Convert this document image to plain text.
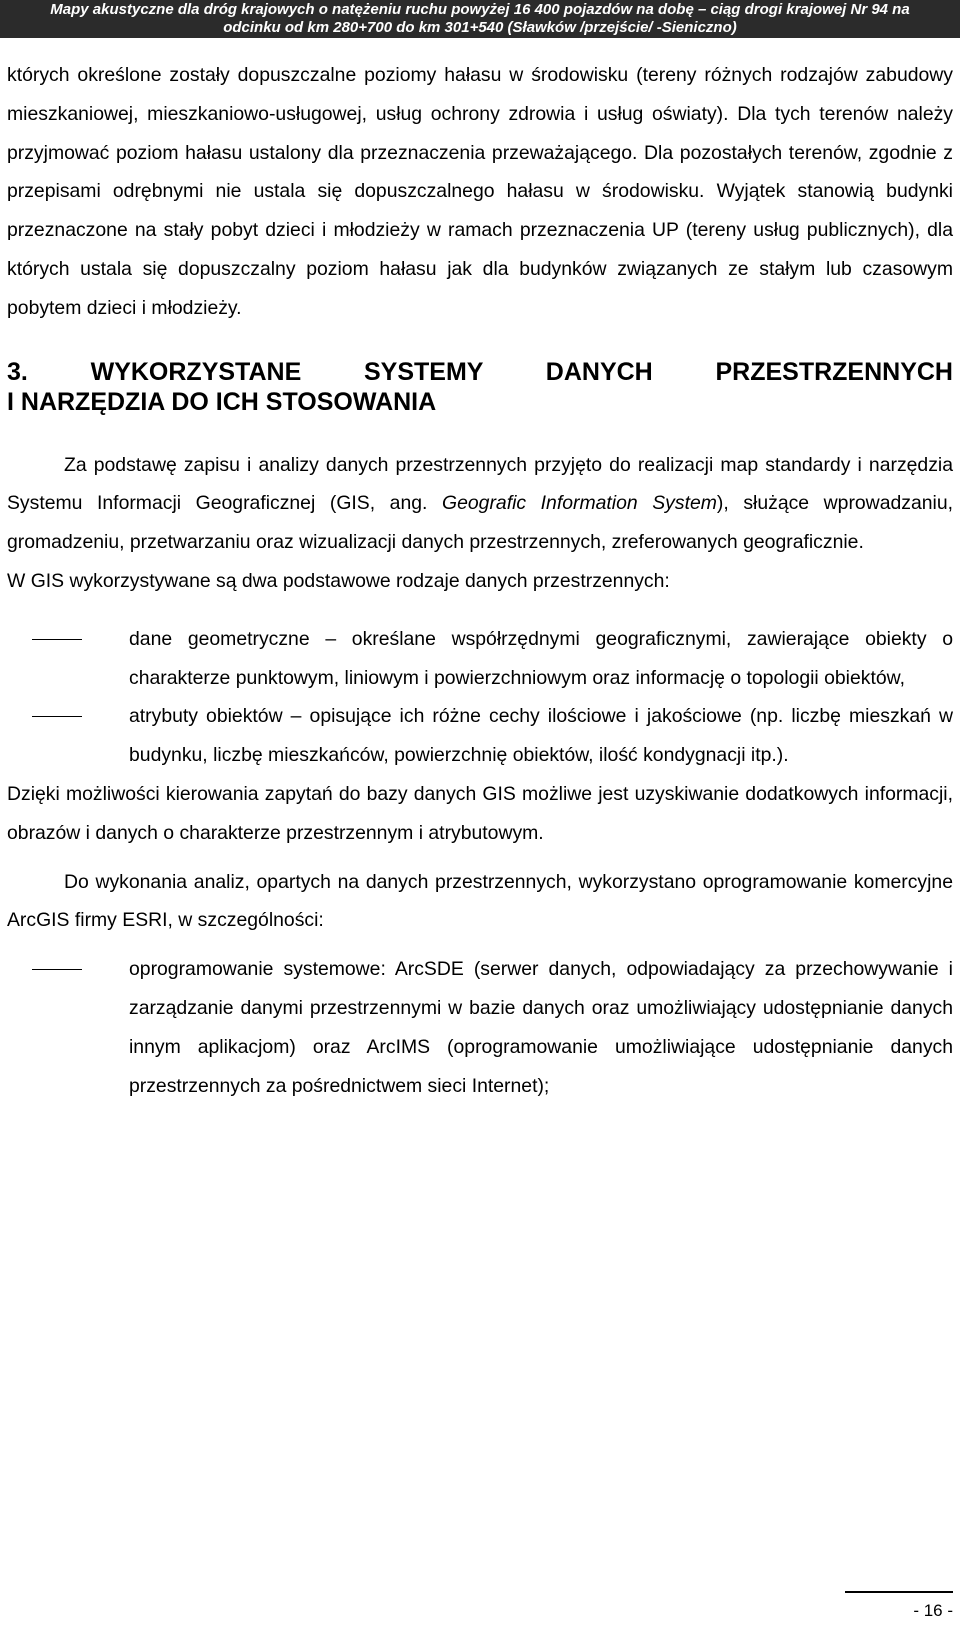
Mapy akustyczne dla dróg krajowych o natężeniu ruchu powyżej 16 400 pojazdów na dobę – ciąg drogi krajowej Nr 94 na
odcinku od km 280+700 do km 301+540 (Sławków /przejście/ -Sieniczno)

których określone zostały dopuszczalne poziomy hałasu w środowisku (tereny różnych rodzajów zabudowy mieszkaniowej, mieszkaniowo-usługowej, usług ochrony zdrowia i usług oświaty). Dla tych terenów należy przyjmować poziom hałasu ustalony dla przeznaczenia przeważającego. Dla pozostałych terenów, zgodnie z przepisami odrębnymi nie ustala się dopuszczalnego hałasu w środowisku. Wyjątek stanowią budynki przeznaczone na stały pobyt dzieci i młodzieży w ramach przeznaczenia UP (tereny usług publicznych), dla których ustala się dopuszczalny poziom hałasu jak dla budynków związanych ze stałym lub czasowym pobytem dzieci i młodzieży.

3. WYKORZYSTANE SYSTEMY DANYCH PRZESTRZENNYCH
I NARZĘDZIA DO ICH STOSOWANIA

Za podstawę zapisu i analizy danych przestrzennych przyjęto do realizacji map standardy i narzędzia Systemu Informacji Geograficznej (GIS, ang. Geografic Information System), służące wprowadzaniu, gromadzeniu, przetwarzaniu oraz wizualizacji danych przestrzennych, zreferowanych geograficznie.

W GIS wykorzystywane są dwa podstawowe rodzaje danych przestrzennych:

dane geometryczne – określane współrzędnymi geograficznymi, zawierające obiekty o charakterze punktowym, liniowym i powierzchniowym oraz informację o topologii obiektów,
atrybuty obiektów – opisujące ich różne cechy ilościowe i jakościowe (np. liczbę mieszkań w budynku, liczbę mieszkańców, powierzchnię obiektów, ilość kondygnacji itp.).

Dzięki możliwości kierowania zapytań do bazy danych GIS możliwe jest uzyskiwanie dodatkowych informacji, obrazów i danych o charakterze przestrzennym i atrybutowym.

Do wykonania analiz, opartych na danych przestrzennych, wykorzystano oprogramowanie komercyjne ArcGIS firmy ESRI, w szczególności:

oprogramowanie systemowe: ArcSDE (serwer danych, odpowiadający za przechowywanie i zarządzanie danymi przestrzennymi w bazie danych oraz umożliwiający udostępnianie danych innym aplikacjom) oraz ArcIMS (oprogramowanie umożliwiające udostępnianie danych przestrzennych za pośrednictwem sieci Internet);
- 16 -
